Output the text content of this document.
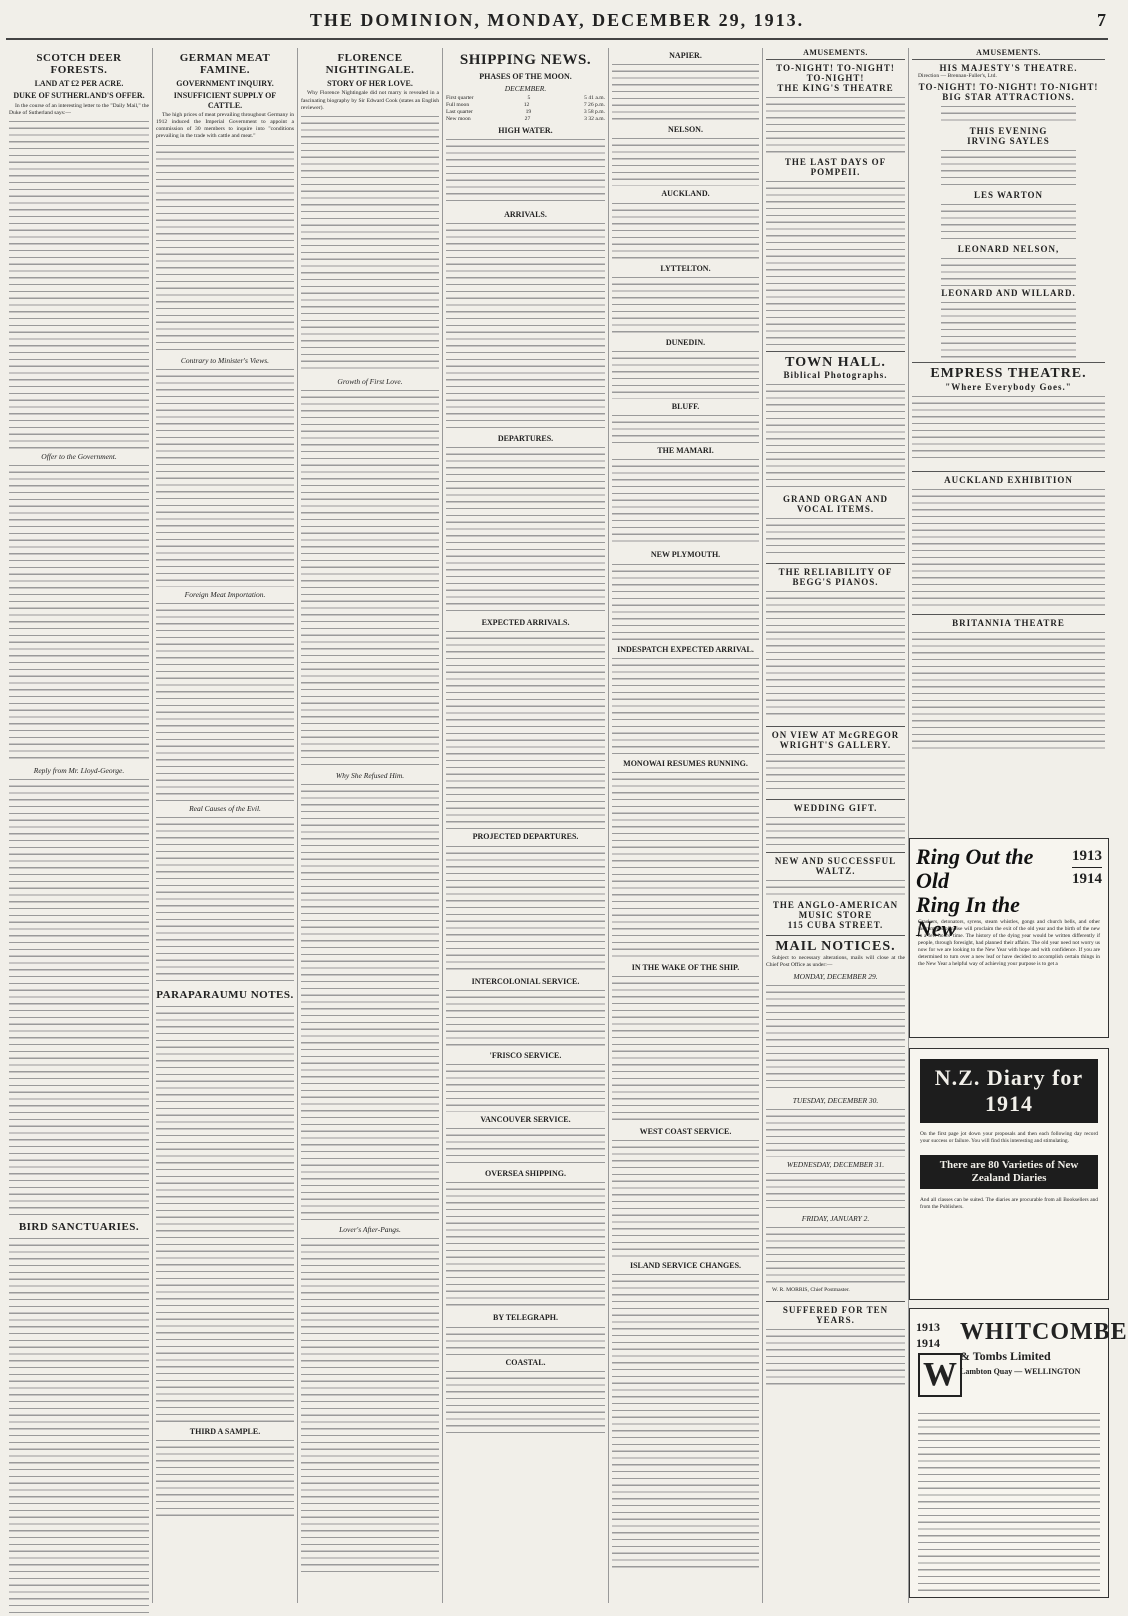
THE DOMINION, MONDAY, DECEMBER 29, 1913.	7
SCOTCH DEER FORESTS.
LAND AT £2 PER ACRE.
DUKE OF SUTHERLAND'S OFFER.

In the course of an interesting letter to the "Daily Mail," the Duke of Sutherland says:—

Offer to the Government.
Reply from Mr. Lloyd-George.
BIRD SANCTUARIES.
GERMAN MEAT FAMINE.
GOVERNMENT INQUIRY.
INSUFFICIENT SUPPLY OF CATTLE.

The high prices of meat prevailing throughout Germany in 1912 induced the Imperial Government to appoint a commission of 30 members to inquire into "conditions prevailing in the trade with cattle and meat."

Contrary to Minister's Views.
Foreign Meat Importation.
Real Causes of the Evil.
PARAPARAUMU NOTES.
THIRD A SAMPLE.
FLORENCE NIGHTINGALE.
STORY OF HER LOVE.

Why Florence Nightingale did not marry is revealed in a fascinating biography by Sir Edward Cook (states an English reviewer).

Growth of First Love.
Why She Refused Him.
Lover's After-Pangs.
SHIPPING NEWS.
PHASES OF THE MOON.
DECEMBER.
First quarter	5	5 41 a.m.
Full moon	12	7 26 p.m.
Last quarter	19	3 58 p.m.
New moon	27	3 32 a.m.
HIGH WATER.
ARRIVALS.
DEPARTURES.
EXPECTED ARRIVALS.
PROJECTED DEPARTURES.
INTERCOLONIAL SERVICE.
'FRISCO SERVICE.
VANCOUVER SERVICE.
OVERSEA SHIPPING.
BY TELEGRAPH.
COASTAL.
NAPIER.
NELSON.
AUCKLAND.
LYTTELTON.
DUNEDIN.
BLUFF.
THE MAMARI.
NEW PLYMOUTH.
INDESPATCH EXPECTED ARRIVAL.
MONOWAI RESUMES RUNNING.
IN THE WAKE OF THE SHIP.
WEST COAST SERVICE.
ISLAND SERVICE CHANGES.
AMUSEMENTS.
TO-NIGHT! TO-NIGHT! TO-NIGHT!
THE KING'S THEATRE
THE LAST DAYS OF POMPEII.
TOWN HALL.
Biblical Photographs.
GRAND ORGAN AND VOCAL ITEMS.
THE RELIABILITY OF BEGG'S PIANOS.
ON VIEW AT McGREGOR WRIGHT'S GALLERY.
WEDDING GIFT.
NEW AND SUCCESSFUL WALTZ.
THE ANGLO-AMERICAN MUSIC STORE
115 CUBA STREET.
MAIL NOTICES.

Subject to necessary alterations, mails will close at the Chief Post Office as under:—

MONDAY, DECEMBER 29.
TUESDAY, DECEMBER 30.
WEDNESDAY, DECEMBER 31.
FRIDAY, JANUARY 2.

W. R. MORRIS, Chief Postmaster.

SUFFERED FOR TEN YEARS.
AMUSEMENTS.
HIS MAJESTY'S THEATRE.

Direction — Brennan-Fuller's, Ltd.

TO-NIGHT! TO-NIGHT! TO-NIGHT!
BIG STAR ATTRACTIONS.
THIS EVENING
IRVING SAYLES
LES WARTON
LEONARD NELSON,
LEONARD AND WILLARD.
EMPRESS THEATRE.
"Where Everybody Goes."
AUCKLAND EXHIBITION
BRITANNIA THEATRE
Ring Out the Old
Ring In the New
1913
1914
Crackers, detonators, syrens, steam whistles, gongs and church bells, and other instruments of noise will proclaim the exit of the old year and the birth of the new in a few hours' time. The history of the dying year would be written differently if people, through foresight, had planned their affairs. The old year need not worry us now for we are looking to the New Year with hope and with confidence. If you are determined to turn over a new leaf or have decided to accomplish certain things in the New Year a helpful way of achieving your purpose is to get a
N.Z. Diary for 1914
On the first page jot down your proposals and then each following day record your success or failure. You will find this interesting and stimulating.
There are 80 Varieties of New Zealand Diaries
And all classes can be suited. The diaries are procurable from all Booksellers and from the Publishers.
1913
1914
W
WHITCOMBE
& Tombs Limited
Lambton Quay — WELLINGTON
